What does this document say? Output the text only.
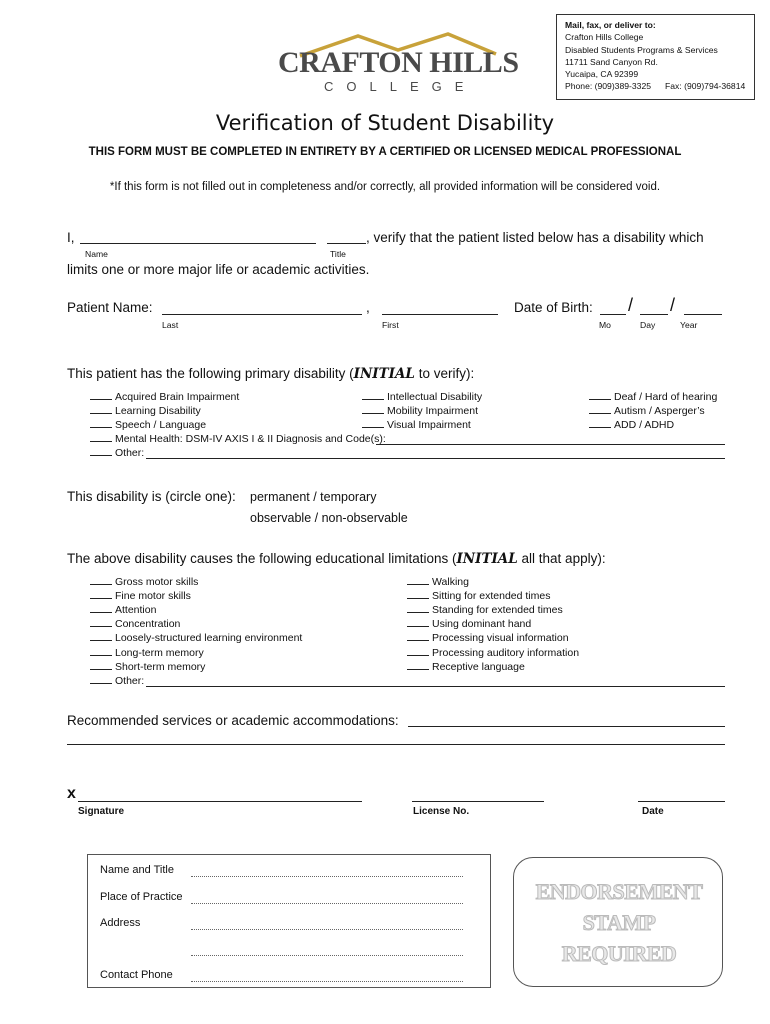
Mail, fax, or deliver to:
Crafton Hills College
Disabled Students Programs & Services
11711 Sand Canyon Rd.
Yucaipa, CA 92399
Phone: (909)389-3325 Fax: (909)794-36814
CRAFTON HILLS
COLLEGE
Verification of Student Disability
THIS FORM MUST BE COMPLETED IN ENTIRETY BY A CERTIFIED OR LICENSED MEDICAL PROFESSIONAL
*If this form is not filled out in completeness and/or correctly, all provided information will be considered void.
I,	, verify that the patient listed below has a disability which
Name	Title
limits one or more major life or academic activities.
Patient Name:	,
Last	First
Date of Birth: / /
Mo	Day	Year
This patient has the following primary disability (INITIAL to verify):
Acquired Brain Impairment
Learning Disability
Speech / Language
Intellectual Disability
Mobility Impairment
Visual Impairment
Deaf / Hard of hearing
Autism / Asperger’s
ADD / ADHD
Mental Health: DSM-IV AXIS I & II Diagnosis and Code(s):
Other:
This disability is (circle one): permanent / temporary
observable / non-observable
The above disability causes the following educational limitations (INITIAL all that apply):
Gross motor skills
Fine motor skills
Attention
Concentration
Loosely-structured learning environment
Long-term memory
Short-term memory
Walking
Sitting for extended times
Standing for extended times
Using dominant hand
Processing visual information
Processing auditory information
Receptive language
Other:
Recommended services or academic accommodations:
x
Signature	License No.	Date
Name and Title
Place of Practice
Address
Contact Phone
ENDORSEMENT
STAMP
REQUIRED
